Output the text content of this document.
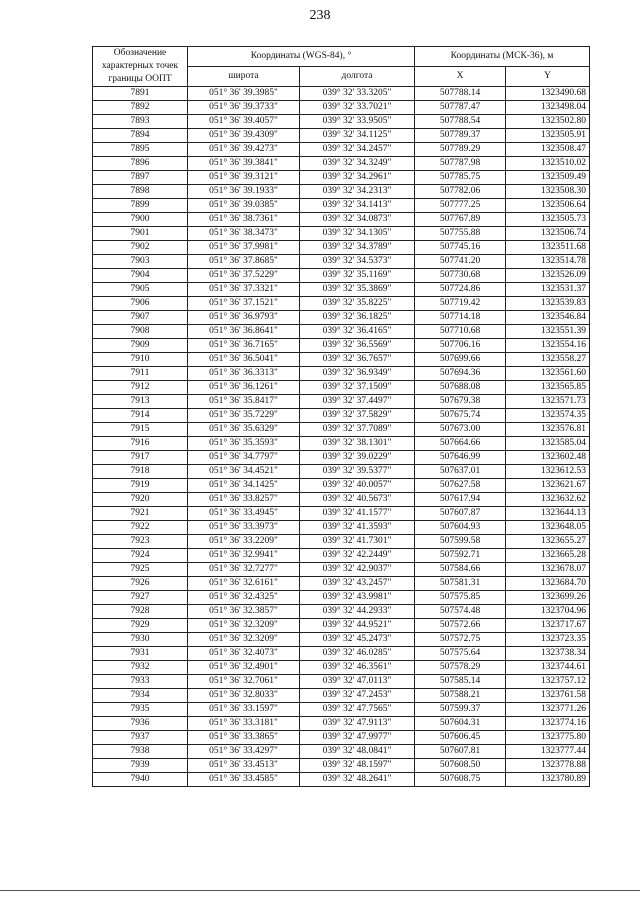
238
Обозначение характерных точек границы ООПТ	Координаты (WGS-84), °		Координаты (МСК-36), м	
	широта	долгота	X	Y
7891	051° 36' 39.3985"	039° 32' 33.3205"	507788.14	1323490.68
7892	051° 36' 39.3733"	039° 32' 33.7021"	507787.47	1323498.04
7893	051° 36' 39.4057"	039° 32' 33.9505"	507788.54	1323502.80
7894	051° 36' 39.4309"	039° 32' 34.1125"	507789.37	1323505.91
7895	051° 36' 39.4273"	039° 32' 34.2457"	507789.29	1323508.47
7896	051° 36' 39.3841"	039° 32' 34.3249"	507787.98	1323510.02
7897	051° 36' 39.3121"	039° 32' 34.2961"	507785.75	1323509.49
7898	051° 36' 39.1933"	039° 32' 34.2313"	507782.06	1323508.30
7899	051° 36' 39.0385"	039° 32' 34.1413"	507777.25	1323506.64
7900	051° 36' 38.7361"	039° 32' 34.0873"	507767.89	1323505.73
7901	051° 36' 38.3473"	039° 32' 34.1305"	507755.88	1323506.74
7902	051° 36' 37.9981"	039° 32' 34.3789"	507745.16	1323511.68
7903	051° 36' 37.8685"	039° 32' 34.5373"	507741.20	1323514.78
7904	051° 36' 37.5229"	039° 32' 35.1169"	507730.68	1323526.09
7905	051° 36' 37.3321"	039° 32' 35.3869"	507724.86	1323531.37
7906	051° 36' 37.1521"	039° 32' 35.8225"	507719.42	1323539.83
7907	051° 36' 36.9793"	039° 32' 36.1825"	507714.18	1323546.84
7908	051° 36' 36.8641"	039° 32' 36.4165"	507710.68	1323551.39
7909	051° 36' 36.7165"	039° 32' 36.5569"	507706.16	1323554.16
7910	051° 36' 36.5041"	039° 32' 36.7657"	507699.66	1323558.27
7911	051° 36' 36.3313"	039° 32' 36.9349"	507694.36	1323561.60
7912	051° 36' 36.1261"	039° 32' 37.1509"	507688.08	1323565.85
7913	051° 36' 35.8417"	039° 32' 37.4497"	507679.38	1323571.73
7914	051° 36' 35.7229"	039° 32' 37.5829"	507675.74	1323574.35
7915	051° 36' 35.6329"	039° 32' 37.7089"	507673.00	1323576.81
7916	051° 36' 35.3593"	039° 32' 38.1301"	507664.66	1323585.04
7917	051° 36' 34.7797"	039° 32' 39.0229"	507646.99	1323602.48
7918	051° 36' 34.4521"	039° 32' 39.5377"	507637.01	1323612.53
7919	051° 36' 34.1425"	039° 32' 40.0057"	507627.58	1323621.67
7920	051° 36' 33.8257"	039° 32' 40.5673"	507617.94	1323632.62
7921	051° 36' 33.4945"	039° 32' 41.1577"	507607.87	1323644.13
7922	051° 36' 33.3973"	039° 32' 41.3593"	507604.93	1323648.05
7923	051° 36' 33.2209"	039° 32' 41.7301"	507599.58	1323655.27
7924	051° 36' 32.9941"	039° 32' 42.2449"	507592.71	1323665.28
7925	051° 36' 32.7277"	039° 32' 42.9037"	507584.66	1323678.07
7926	051° 36' 32.6161"	039° 32' 43.2457"	507581.31	1323684.70
7927	051° 36' 32.4325"	039° 32' 43.9981"	507575.85	1323699.26
7928	051° 36' 32.3857"	039° 32' 44.2933"	507574.48	1323704.96
7929	051° 36' 32.3209"	039° 32' 44.9521"	507572.66	1323717.67
7930	051° 36' 32.3209"	039° 32' 45.2473"	507572.75	1323723.35
7931	051° 36' 32.4073"	039° 32' 46.0285"	507575.64	1323738.34
7932	051° 36' 32.4901"	039° 32' 46.3561"	507578.29	1323744.61
7933	051° 36' 32.7061"	039° 32' 47.0113"	507585.14	1323757.12
7934	051° 36' 32.8033"	039° 32' 47.2453"	507588.21	1323761.58
7935	051° 36' 33.1597"	039° 32' 47.7565"	507599.37	1323771.26
7936	051° 36' 33.3181"	039° 32' 47.9113"	507604.31	1323774.16
7937	051° 36' 33.3865"	039° 32' 47.9977"	507606.45	1323775.80
7938	051° 36' 33.4297"	039° 32' 48.0841"	507607.81	1323777.44
7939	051° 36' 33.4513"	039° 32' 48.1597"	507608.50	1323778.88
7940	051° 36' 33.4585"	039° 32' 48.2641"	507608.75	1323780.89
